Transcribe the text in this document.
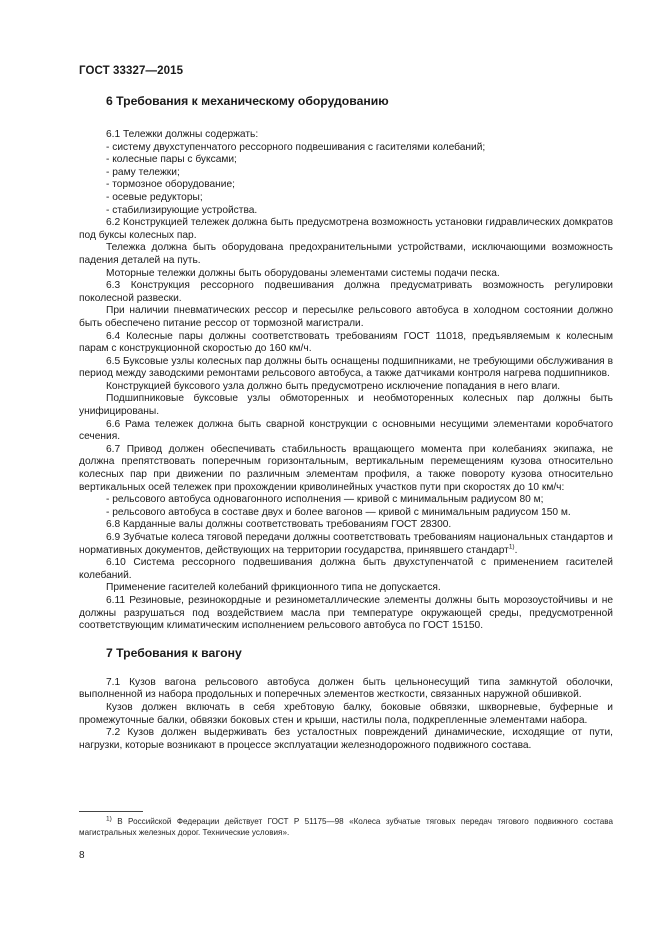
ГОСТ 33327—2015
6 Требования к механическому оборудованию

6.1 Тележки должны содержать:

- систему двухступенчатого рессорного подвешивания с гасителями колебаний;

- колесные пары с буксами;

- раму тележки;

- тормозное оборудование;

- осевые редукторы;

- стабилизирующие устройства.

6.2 Конструкцией тележек должна быть предусмотрена возможность установки гидравлических домкратов под буксы колесных пар.

Тележка должна быть оборудована предохранительными устройствами, исключающими возможность падения деталей на путь.

Моторные тележки должны быть оборудованы элементами системы подачи песка.

6.3 Конструкция рессорного подвешивания должна предусматривать возможность регулировки поколесной развески.

При наличии пневматических рессор и пересылке рельсового автобуса в холодном состоянии должно быть обеспечено питание рессор от тормозной магистрали.

6.4 Колесные пары должны соответствовать требованиям ГОСТ 11018, предъявляемым к колесным парам с конструкционной скоростью до 160 км/ч.

6.5 Буксовые узлы колесных пар должны быть оснащены подшипниками, не требующими обслуживания в период между заводскими ремонтами рельсового автобуса, а также датчиками контроля нагрева подшипников.

Конструкцией буксового узла должно быть предусмотрено исключение попадания в него влаги.

Подшипниковые буксовые узлы обмоторенных и необмоторенных колесных пар должны быть унифицированы.

6.6 Рама тележек должна быть сварной конструкции с основными несущими элементами коробчатого сечения.

6.7 Привод должен обеспечивать стабильность вращающего момента при колебаниях экипажа, не должна препятствовать поперечным горизонтальным, вертикальным перемещениям кузова относительно колесных пар при движении по различным элементам профиля, а также повороту кузова относительно вертикальных осей тележек при прохождении криволинейных участков пути при скоростях до 10 км/ч:

- рельсового автобуса одновагонного исполнения — кривой с минимальным радиусом 80 м;

- рельсового автобуса в составе двух и более вагонов — кривой с минимальным радиусом 150 м.

6.8 Карданные валы должны соответствовать требованиям ГОСТ 28300.

6.9 Зубчатые колеса тяговой передачи должны соответствовать требованиям национальных стандартов и нормативных документов, действующих на территории государства, принявшего стандарт$^{1)}$.

6.10 Система рессорного подвешивания должна быть двухступенчатой с применением гасителей колебаний.

Применение гасителей колебаний фрикционного типа не допускается.

6.11 Резиновые, резинокордные и резинометаллические элементы должны быть морозоустойчивы и не должны разрушаться под воздействием масла при температуре окружающей среды, предусмотренной соответствующим климатическим исполнением рельсового автобуса по ГОСТ 15150.

7 Требования к вагону

7.1 Кузов вагона рельсового автобуса должен быть цельнонесущий типа замкнутой оболочки, выполненной из набора продольных и поперечных элементов жесткости, связанных наружной обшивкой.

Кузов должен включать в себя хребтовую балку, боковые обвязки, шкворневые, буферные и промежуточные балки, обвязки боковых стен и крыши, настилы пола, подкрепленные элементами набора.

7.2 Кузов должен выдерживать без усталостных повреждений динамические, исходящие от пути, нагрузки, которые возникают в процессе эксплуатации железнодорожного подвижного состава.

$^{1)}$ В Российской Федерации действует ГОСТ Р 51175—98 «Колеса зубчатые тяговых передач тягового подвижного состава магистральных железных дорог. Технические условия».
8
